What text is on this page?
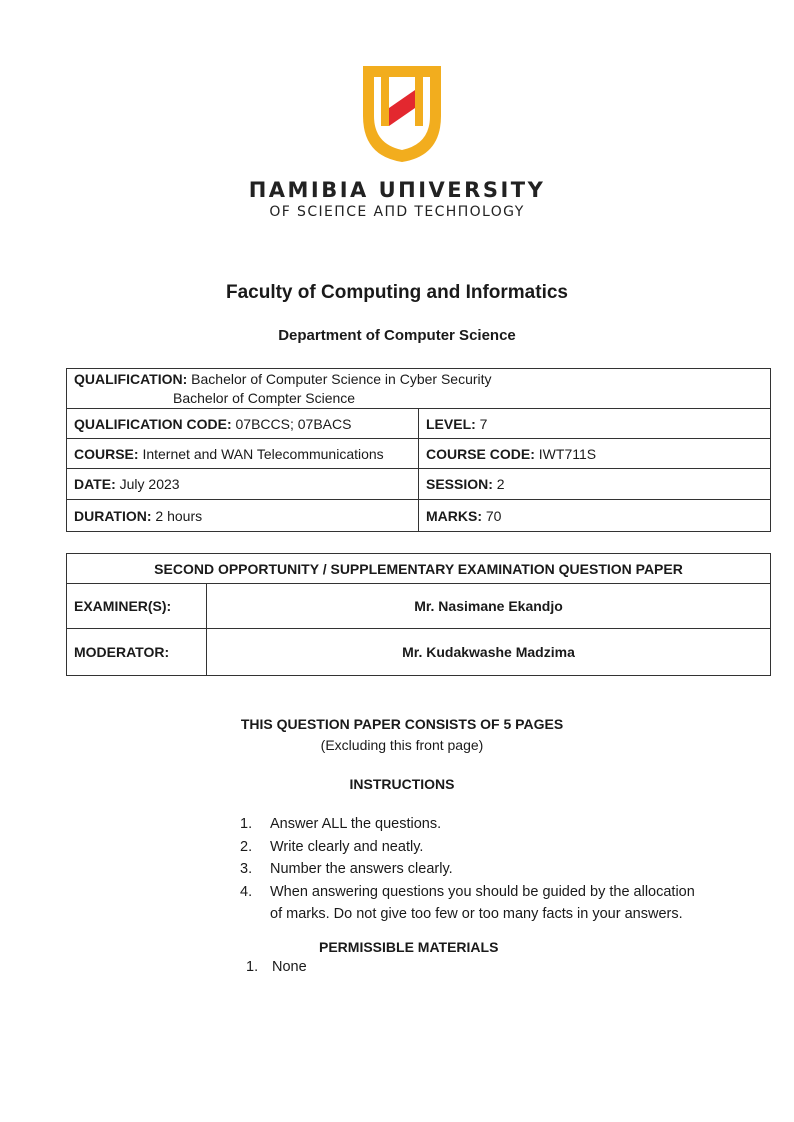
ΠΑΜΙΒΙΑ UΠΙVERSITY
OF SCIEΠCE AΠD TECHΠOLOGY
Faculty of Computing and Informatics
Department of Computer Science
QUALIFICATION: Bachelor of Computer Science in Cyber Security
Bachelor of Compter Science	
QUALIFICATION CODE: 07BCCS; 07BACS	LEVEL: 7
COURSE: Internet and WAN Telecommunications	COURSE CODE: IWT711S
DATE: July 2023	SESSION: 2
DURATION: 2 hours	MARKS: 70
SECOND OPPORTUNITY / SUPPLEMENTARY EXAMINATION QUESTION PAPER	
EXAMINER(S):	Mr. Nasimane Ekandjo
MODERATOR:	Mr. Kudakwashe Madzima
THIS QUESTION PAPER CONSISTS OF 5 PAGES
(Excluding this front page)
INSTRUCTIONS
1.	Answer ALL the questions.
2.	Write clearly and neatly.
3.	Number the answers clearly.
4.	When answering questions you should be guided by the allocation of marks. Do not give too few or too many facts in your answers.
PERMISSIBLE MATERIALS
1. None
